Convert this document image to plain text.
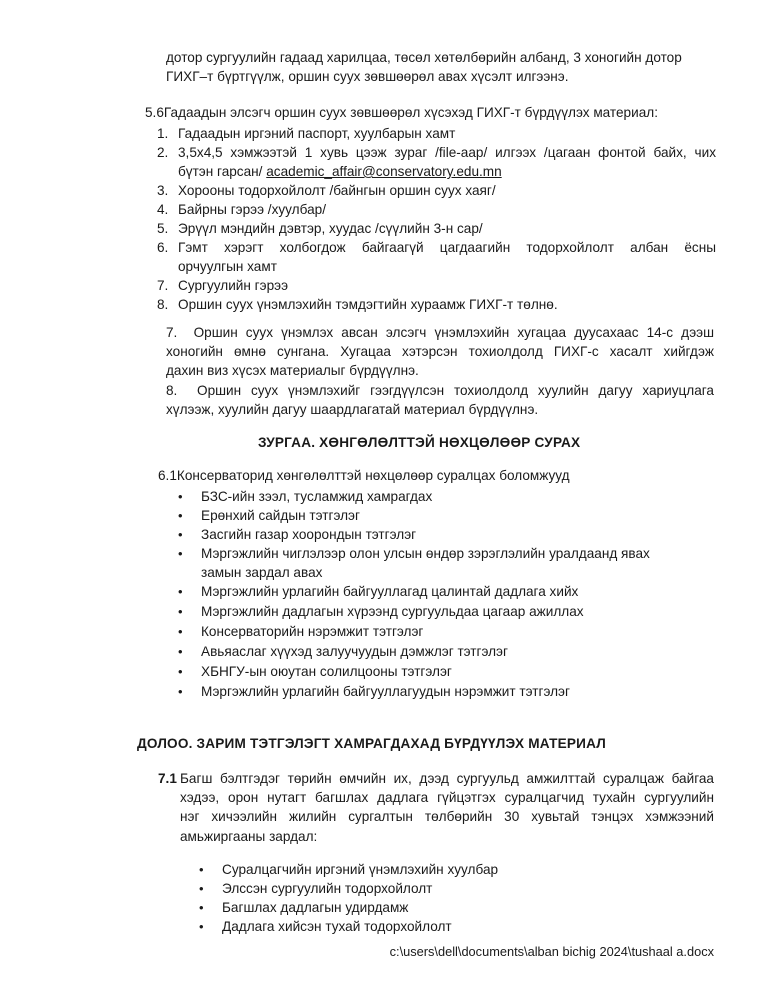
дотор сургуулийн гадаад харилцаа, төсөл хөтөлбөрийн албанд, 3 хоногийн дотор
ГИХГ–т бүртгүүлж, оршин суух зөвшөөрөл авах хүсэлт илгээнэ.
5.6Гадаадын элсэгч оршин суух зөвшөөрөл хүсэхэд ГИХГ-т бүрдүүлэх материал:
1. Гадаадын иргэний паспорт, хуулбарын хамт
2. 3,5х4,5 хэмжээтэй 1 хувь цээж зураг /file-аар/ илгээх /цагаан фонтой байх, чих
бүтэн гарсан/ academic_affair@conservatory.edu.mn
3. Хорооны тодорхойлолт /байнгын оршин суух хаяг/
4. Байрны гэрээ /хуулбар/
5. Эрүүл мэндийн дэвтэр, хуудас /сүүлийн 3-н сар/
6. Гэмт хэрэгт холбогдож байгаагүй цагдаагийн тодорхойлолт албан ёсны
орчуулгын хамт
7. Сургуулийн гэрээ
8. Оршин суух үнэмлэхийн тэмдэгтийн хураамж ГИХГ-т төлнө.
7. Оршин суух үнэмлэх авсан элсэгч үнэмлэхийн хугацаа дуусахаас 14-с дээш
хоногийн өмнө сунгана. Хугацаа хэтэрсэн тохиолдолд ГИХГ-с хасалт хийгдэж
дахин виз хүсэх материалыг бүрдүүлнэ.
8. Оршин суух үнэмлэхийг гээгдүүлсэн тохиолдолд хуулийн дагуу хариуцлага
хүлээж, хуулийн дагуу шаардлагатай материал бүрдүүлнэ.
ЗУРГАА. ХӨНГӨЛӨЛТТЭЙ НӨХЦӨЛӨӨР СУРАХ
6.1Консерваторид хөнгөлөлттэй нөхцөлөөр суралцах боломжууд
• БЗС-ийн зээл, тусламжид хамрагдах
• Ерөнхий сайдын тэтгэлэг
• Засгийн газар хоорондын тэтгэлэг
• Мэргэжлийн чиглэлээр олон улсын өндөр зэрэглэлийн уралдаанд явах
замын зардал авах
• Мэргэжлийн урлагийн байгууллагад цалинтай дадлага хийх
• Мэргэжлийн дадлагын хүрээнд сургуульдаа цагаар ажиллах
• Консерваторийн нэрэмжит тэтгэлэг
• Авьяаслаг хүүхэд залуучуудын дэмжлэг тэтгэлэг
• ХБНГУ-ын оюутан солилцооны тэтгэлэг
• Мэргэжлийн урлагийн байгууллагуудын нэрэмжит тэтгэлэг
ДОЛОО. ЗАРИМ ТЭТГЭЛЭГТ ХАМРАГДАХАД БҮРДҮҮЛЭХ МАТЕРИАЛ
7.1 Багш бэлтгэдэг төрийн өмчийн их, дээд сургуульд амжилттай суралцаж байгаа
хэдээ, орон нутагт багшлах дадлага гүйцэтгэх суралцагчид тухайн сургуулийн
нэг хичээлийн жилийн сургалтын төлбөрийн 30 хувьтай тэнцэх хэмжээний
амьжиргааны зардал:
• Суралцагчийн иргэний үнэмлэхийн хуулбар
• Элссэн сургуулийн тодорхойлолт
• Багшлах дадлагын удирдамж
• Дадлага хийсэн тухай тодорхойлолт
c:\users\dell\documents\alban bichig 2024\tushaal a.docx
